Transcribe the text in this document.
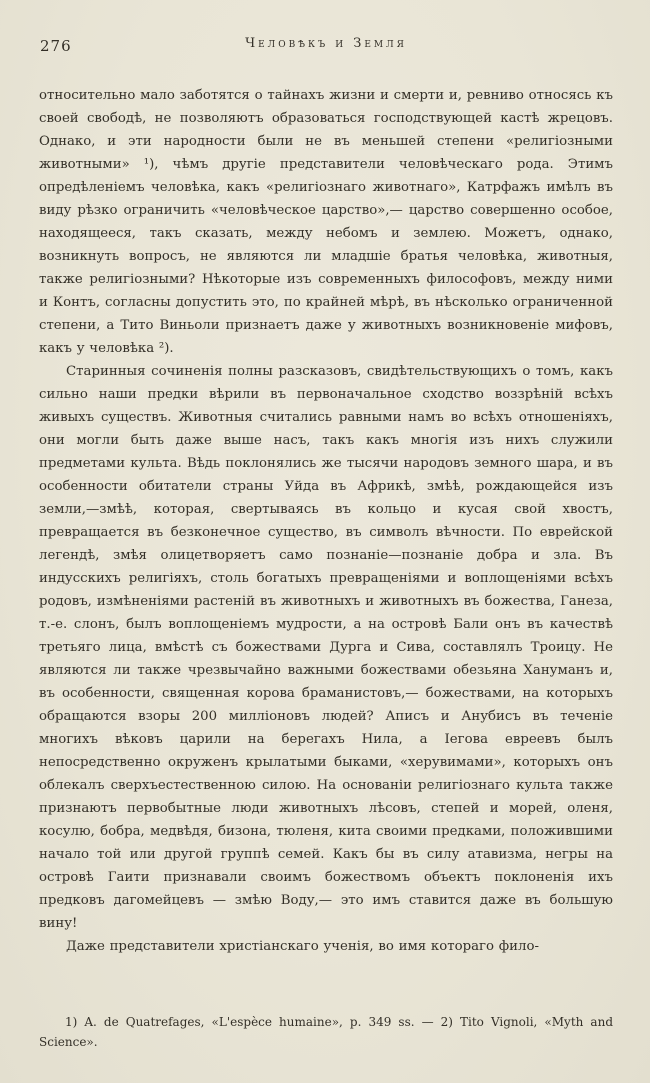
276	Человѣкъ и Земля

относительно мало заботятся о тайнахъ жизни и смерти и, ревниво относясь къ своей свободѣ, не позволяютъ образоваться господствующей кастѣ жрецовъ. Однако, и эти народности были не въ меньшей степени «религіозными животными» ¹), чѣмъ другіе представители человѣческаго рода. Этимъ опредѣленіемъ человѣка, какъ «религіознаго животнаго», Катрфажъ имѣлъ въ виду рѣзко ограничить «человѣческое царство»,— царство совершенно особое, находящееся, такъ сказать, между небомъ и землею. Можетъ, однако, возникнуть вопросъ, не являются ли младшіе братья человѣка, животныя, также религіозными? Нѣкоторые изъ современныхъ философовъ, между ними и Контъ, согласны допустить это, по крайней мѣрѣ, въ нѣсколько ограниченной степени, а Тито Виньоли признаетъ даже у животныхъ возникновеніе мифовъ, какъ у человѣка ²).

Старинныя сочиненія полны разсказовъ, свидѣтельствующихъ о томъ, какъ сильно наши предки вѣрили въ первоначальное сходство воззрѣній всѣхъ живыхъ существъ. Животныя считались равными намъ во всѣхъ отношеніяхъ, они могли быть даже выше насъ, такъ какъ многія изъ нихъ служили предметами культа. Вѣдь поклонялись же тысячи народовъ земного шара, и въ особенности обитатели страны Уйда въ Африкѣ, змѣѣ, рождающейся изъ земли,—змѣѣ, которая, свертываясь въ кольцо и кусая свой хвостъ, превращается въ безконечное существо, въ символъ вѣчности. По еврейской легендѣ, змѣя олицетворяетъ само познаніе—познаніе добра и зла. Въ индусскихъ религіяхъ, столь богатыхъ превращеніями и воплощеніями всѣхъ родовъ, измѣненіями растеній въ животныхъ и животныхъ въ божества, Ганеза, т.-е. слонъ, былъ воплощеніемъ мудрости, а на островѣ Бали онъ въ качествѣ третьяго лица, вмѣстѣ съ божествами Дурга и Сива, составлялъ Троицу. Не являются ли также чрезвычайно важными божествами обезьяна Хануманъ и, въ особенности, священная корова браманистовъ,— божествами, на которыхъ обращаются взоры 200 милліоновъ людей? Аписъ и Анубисъ въ теченіе многихъ вѣковъ царили на берегахъ Нила, а Іегова евреевъ былъ непосредственно окруженъ крылатыми быками, «херувимами», которыхъ онъ облекалъ сверхъестественною силою. На основаніи религіознаго культа также признаютъ первобытные люди животныхъ лѣсовъ, степей и морей, оленя, косулю, бобра, медвѣдя, бизона, тюленя, кита своими предками, положившими начало той или другой группѣ семей. Какъ бы въ силу атавизма, негры на островѣ Гаити признавали своимъ божествомъ объектъ поклоненія ихъ предковъ дагомейцевъ — змѣю Воду,— это имъ ставится даже въ большую вину!

Даже представители христіанскаго ученія, во имя котораго фило-

1) A. de Quatrefages, «L'espèce humaine», p. 349 ss. — 2) Tito Vignoli, «Myth and Science».
